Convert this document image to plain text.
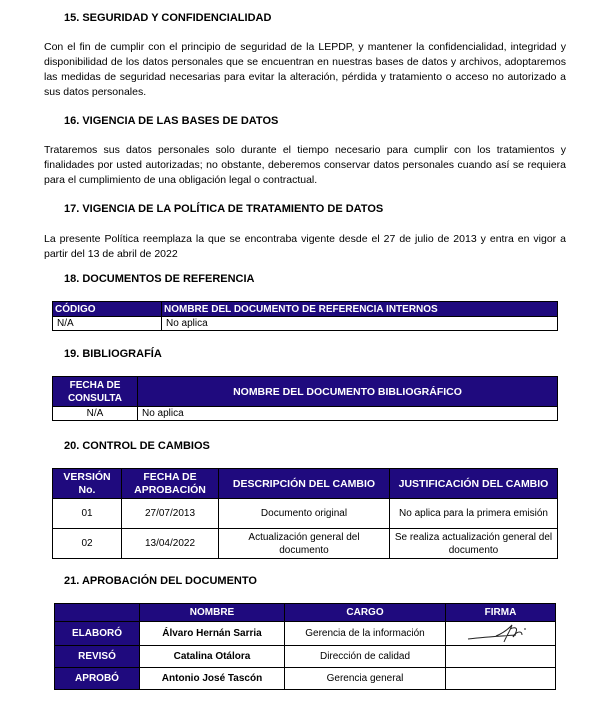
15. SEGURIDAD Y CONFIDENCIALIDAD
Con el fin de cumplir con el principio de seguridad de la LEPDP, y mantener la confidencialidad, integridad y disponibilidad de los datos personales que se encuentran en nuestras bases de datos y archivos, adoptaremos las medidas de seguridad necesarias para evitar la alteración, pérdida y tratamiento o acceso no autorizado a sus datos personales.
16. VIGENCIA DE LAS BASES DE DATOS
Trataremos sus datos personales solo durante el tiempo necesario para cumplir con los tratamientos y finalidades por usted autorizadas; no obstante, deberemos conservar datos personales cuando así se requiera para el cumplimiento de una obligación legal o contractual.
17. VIGENCIA DE LA POLÍTICA DE TRATAMIENTO DE DATOS
La presente Política reemplaza la que se encontraba vigente desde el 27 de julio de 2013 y entra en vigor a partir del 13 de abril de 2022
18. DOCUMENTOS DE REFERENCIA
CÓDIGO	NOMBRE DEL DOCUMENTO DE REFERENCIA INTERNOS
N/A	No aplica
19. BIBLIOGRAFÍA
FECHA DE CONSULTA	NOMBRE DEL DOCUMENTO BIBLIOGRÁFICO
N/A	No aplica
20. CONTROL DE CAMBIOS
VERSIÓN No.	FECHA DE APROBACIÓN	DESCRIPCIÓN DEL CAMBIO	JUSTIFICACIÓN DEL CAMBIO
01	27/07/2013	Documento original	No aplica para la primera emisión
02	13/04/2022	Actualización general del documento	Se realiza actualización general del documento
21. APROBACIÓN DEL DOCUMENTO
	NOMBRE	CARGO	FIRMA
ELABORÓ	Álvaro Hernán Sarria	Gerencia de la información	

REVISÓ	Catalina Otálora	Dirección de calidad	
APROBÓ	Antonio José Tascón	Gerencia general	
